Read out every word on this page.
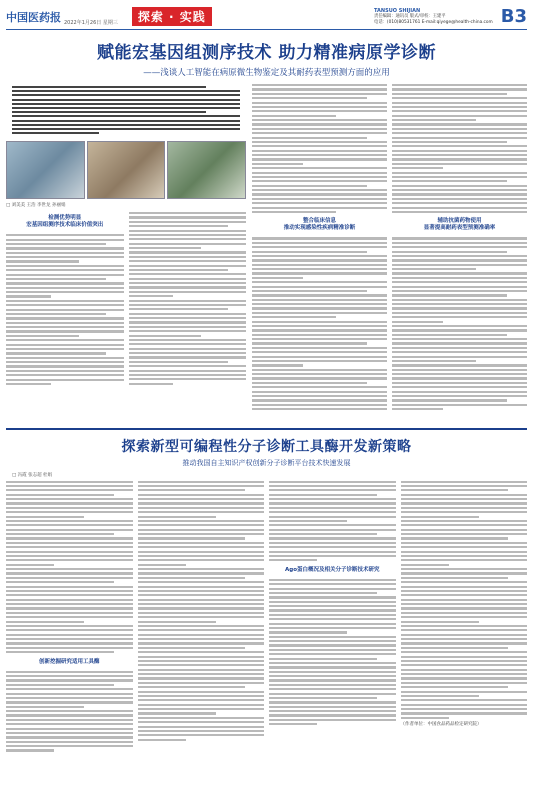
中国医药报 2022年1月26日 星期三	探索 · 实践	TANSUO SHIJIAN
责任编辑：通讯员 版式/审校：王建平
电话：(010)80531761 E-mail:qiyege@health-china.com B3
赋能宏基因组测序技术 助力精准病原学诊断
——浅谈人工智能在病原微生物鉴定及其耐药表型预测方面的应用
□ 刘美美 王浩 李世龙 孙丽娟
检测优势明显
宏基因组测序技术临床价值突出
整合临床信息
推动实现感染性疾病精准诊断
辅助抗菌药物使用
显著提高耐药表型预测准确率
探索新型可编程性分子诊断工具酶开发新策略
推动我国自主知识产权创新分子诊断平台技术快速发展
□ 冯霞 张志超 杜娟
创新挖掘研究适用工具酶
Ago蛋白概况及相关分子诊断技术研究
（作者单位：中国食品药品检定研究院）
